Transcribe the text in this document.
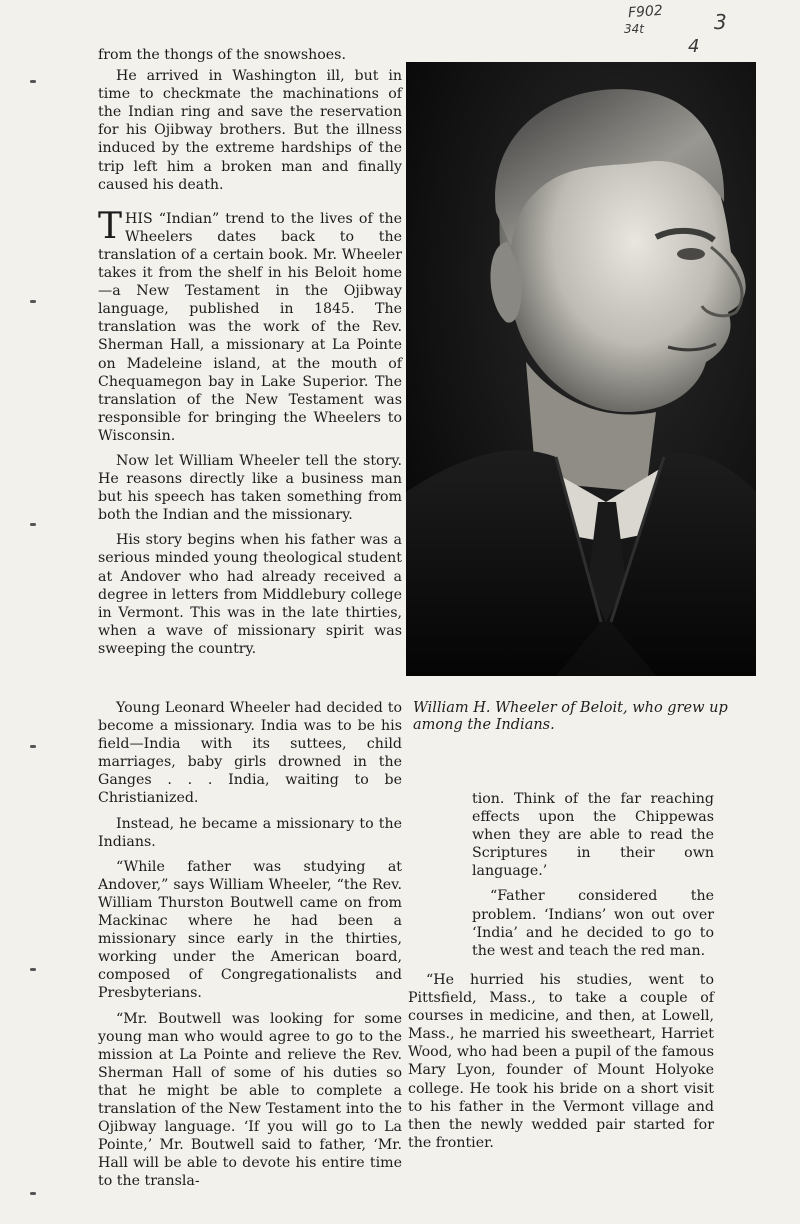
F902
34t	3
4

from the thongs of the snowshoes.

He arrived in Washington ill, but in time to checkmate the machinations of the Indian ring and save the reservation for his Ojibway brothers. But the illness induced by the extreme hardships of the trip left him a broken man and finally caused his death.

THIS “Indian” trend to the lives of the Wheelers dates back to the translation of a certain book. Mr. Wheeler takes it from the shelf in his Beloit home—a New Testament in the Ojibway language, published in 1845. The translation was the work of the Rev. Sherman Hall, a missionary at La Pointe on Madeleine island, at the mouth of Chequamegon bay in Lake Superior. The translation of the New Testament was responsible for bringing the Wheelers to Wisconsin.

Now let William Wheeler tell the story. He reasons directly like a business man but his speech has taken something from both the Indian and the missionary.

His story begins when his father was a serious minded young theological student at Andover who had already received a degree in letters from Middlebury college in Vermont. This was in the late thirties, when a wave of missionary spirit was sweeping the country.

William H. Wheeler of Beloit, who grew up among the Indians.

Young Leonard Wheeler had decided to become a missionary. India was to be his field—India with its suttees, child marriages, baby girls drowned in the Ganges . . . India, waiting to be Christianized.

Instead, he became a missionary to the Indians.

“While father was studying at Andover,” says William Wheeler, “the Rev. William Thurston Boutwell came on from Mackinac where he had been a missionary since early in the thirties, working under the American board, composed of Congregationalists and Presbyterians.

“Mr. Boutwell was looking for some young man who would agree to go to the mission at La Pointe and relieve the Rev. Sherman Hall of some of his duties so that he might be able to complete a translation of the New Testament into the Ojibway language. ‘If you will go to La Pointe,’ Mr. Boutwell said to father, ‘Mr. Hall will be able to devote his entire time to the transla-

tion. Think of the far reaching effects upon the Chippewas when they are able to read the Scriptures in their own language.’

“Father considered the problem. ‘Indians’ won out over ‘India’ and he decided to go to the west and teach the red man.

“He hurried his studies, went to Pittsfield, Mass., to take a couple of courses in medicine, and then, at Lowell, Mass., he married his sweetheart, Harriet Wood, who had been a pupil of the famous Mary Lyon, founder of Mount Holyoke college. He took his bride on a short visit to his father in the Vermont village and then the newly wedded pair started for the frontier.
